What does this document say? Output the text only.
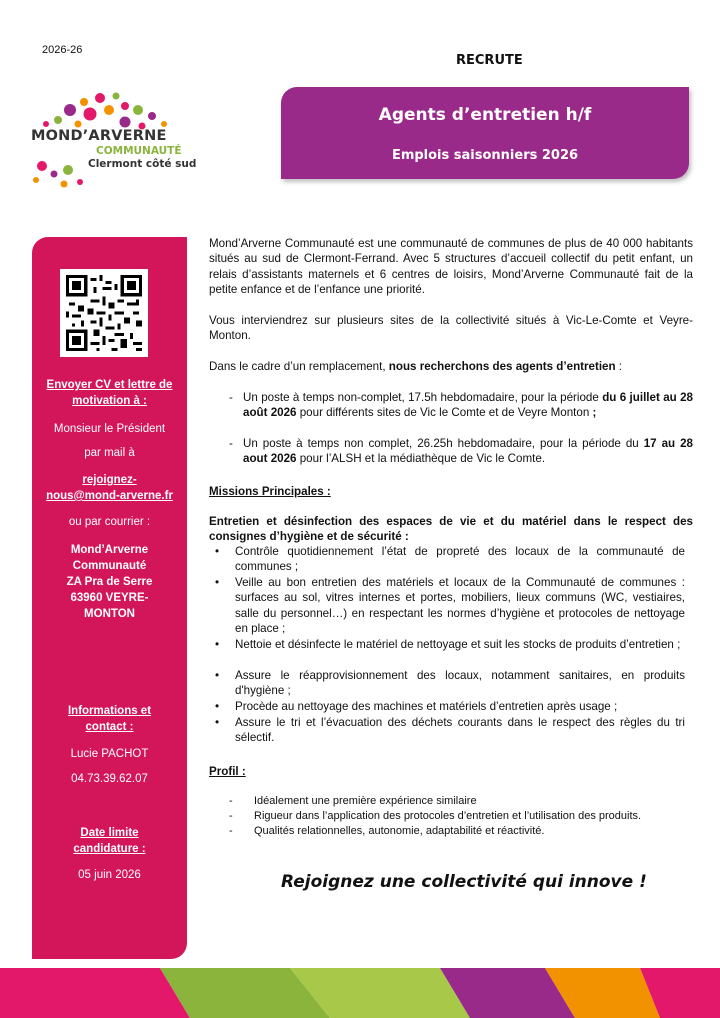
2026-26
RECRUTE
Agents d’entretien h/f
Emplois saisonniers 2026
MOND’ARVERNE
COMMUNAUTÉ
Clermont côté sud
Envoyer CV et lettre de
motivation à :
Monsieur le Président
par mail à
rejoignez-
nous@mond-arverne.fr
ou par courrier :
Mond’Arverne
Communauté
ZA Pra de Serre
63960 VEYRE-
MONTON
Informations et
contact :
Lucie PACHOT
04.73.39.62.07
Date limite
candidature :
05 juin 2026

Mond’Arverne Communauté est une communauté de communes de plus de 40 000 habitants situés au sud de Clermont-Ferrand. Avec 5 structures d’accueil collectif du petit enfant, un relais d’assistants maternels et 6 centres de loisirs, Mond’Arverne Communauté fait de la petite enfance et de l’enfance une priorité.

Vous interviendrez sur plusieurs sites de la collectivité situés à Vic-Le-Comte et Veyre-Monton.

Dans le cadre d’un remplacement, nous recherchons des agents d’entretien :

- Un poste à temps non-complet, 17.5h hebdomadaire, pour la période du 6 juillet au 28 août 2026 pour différents sites de Vic le Comte et de Veyre Monton ;

- Un poste à temps non complet, 26.25h hebdomadaire, pour la période du 17 au 28 aout 2026 pour l’ALSH et la médiathèque de Vic le Comte.

Missions Principales :

Entretien et désinfection des espaces de vie et du matériel dans le respect des consignes d’hygiène et de sécurité :

• Contrôle quotidiennement l’état de propreté des locaux de la communauté de communes ;
• Veille au bon entretien des matériels et locaux de la Communauté de communes : surfaces au sol, vitres internes et portes, mobiliers, lieux communs (WC, vestiaires, salle du personnel…) en respectant les normes d’hygiène et protocoles de nettoyage en place ;
• Nettoie et désinfecte le matériel de nettoyage et suit les stocks de produits d’entretien ;
• Assure le réapprovisionnement des locaux, notamment sanitaires, en produits d'hygiène ;
• Procède au nettoyage des machines et matériels d’entretien après usage ;
• Assure le tri et l’évacuation des déchets courants dans le respect des règles du tri sélectif.

Profil :

- Idéalement une première expérience similaire
- Rigueur dans l’application des protocoles d’entretien et l’utilisation des produits.
- Qualités relationnelles, autonomie, adaptabilité et réactivité.
Rejoignez une collectivité qui innove !
